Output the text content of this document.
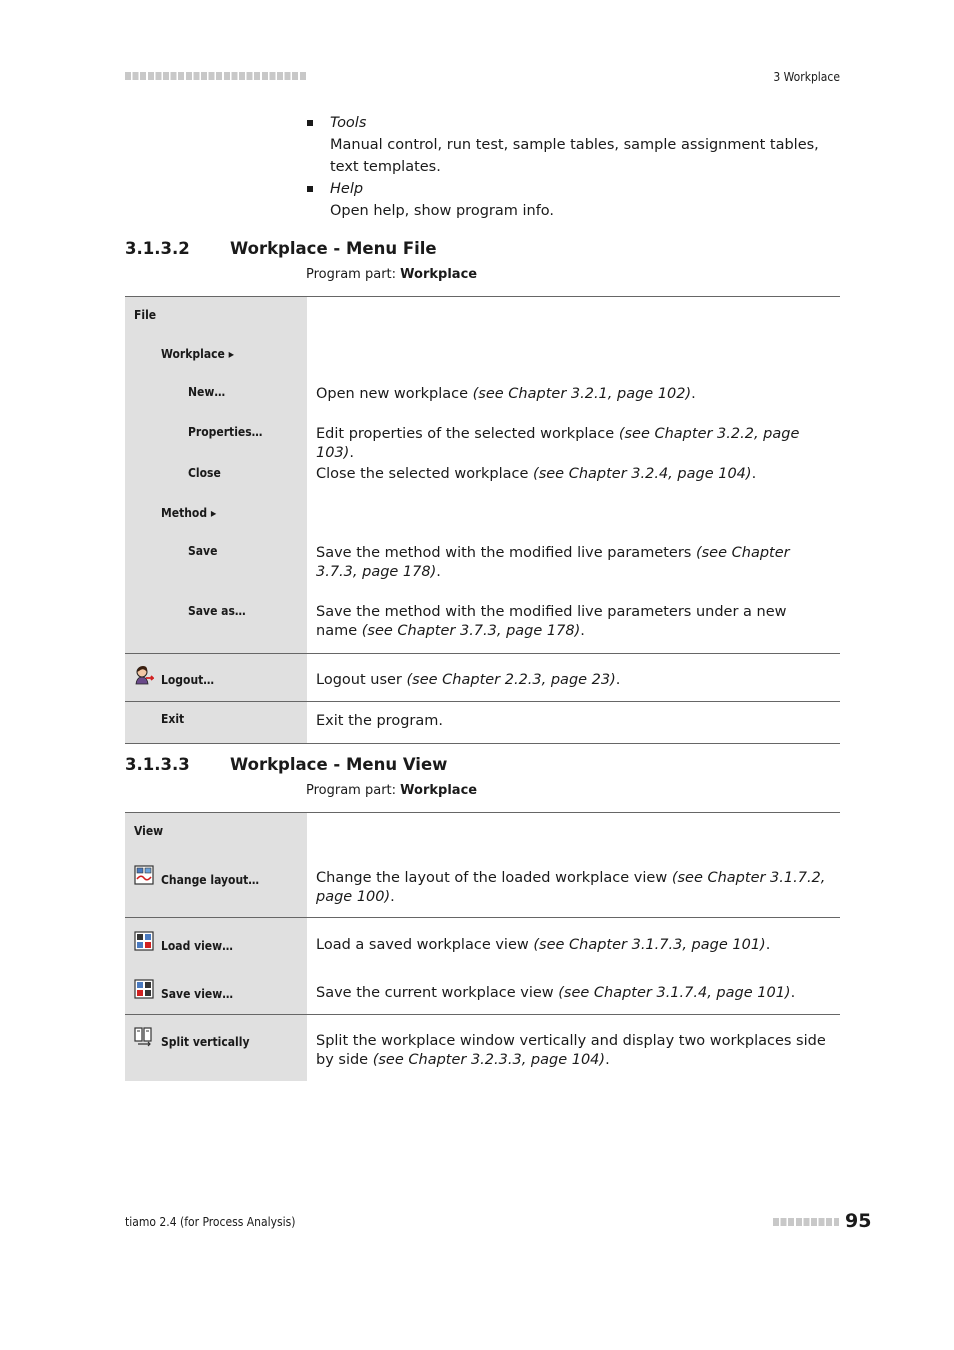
3 Workplace
Tools
Manual control, run test, sample tables, sample assignment tables, text templates.
Help
Open help, show program info.
3.1.3.2 Workplace - Menu File
Program part: Workplace
File
Workplace ▸
New…	Open new workplace (see Chapter 3.2.1, page 102).
Properties…	Edit properties of the selected workplace (see Chapter 3.2.2, page 103).
Close	Close the selected workplace (see Chapter 3.2.4, page 104).
Method ▸
Save	Save the method with the modified live parameters (see Chapter 3.7.3, page 178).
Save as…	Save the method with the modified live parameters under a new name (see Chapter 3.7.3, page 178).
Logout…	Logout user (see Chapter 2.2.3, page 23).
Exit	Exit the program.
3.1.3.3 Workplace - Menu View
Program part: Workplace
View
Change layout…	Change the layout of the loaded workplace view (see Chapter 3.1.7.2, page 100).
Load view…	Load a saved workplace view (see Chapter 3.1.7.3, page 101).
Save view…	Save the current workplace view (see Chapter 3.1.7.4, page 101).
Split vertically	Split the workplace window vertically and display two workplaces side by side (see Chapter 3.2.3.3, page 104).
tiamo 2.4 (for Process Analysis)	95
